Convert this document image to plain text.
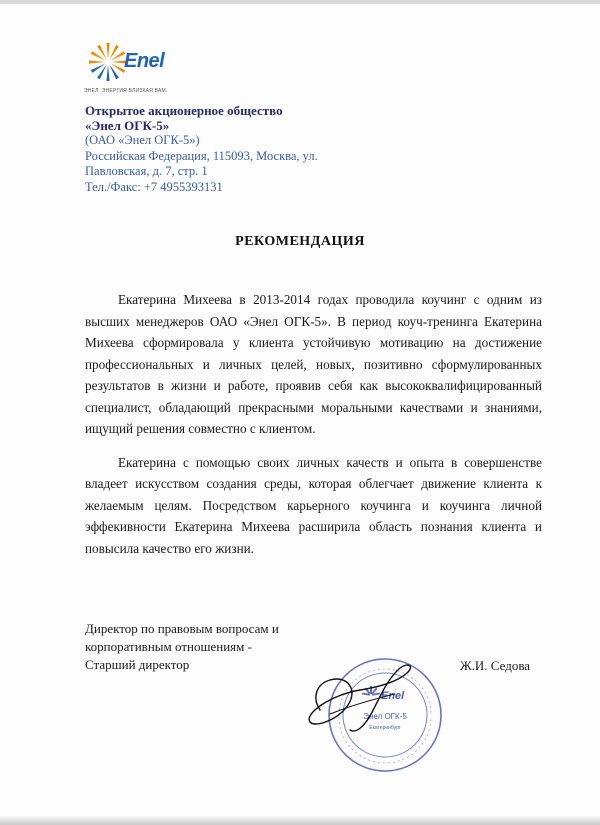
Enel
ЭНЕЛ. ЭНЕРГИЯ БЛИЗКАЯ ВАМ.
Открытое акционерное общество
«Энел ОГК-5»
(ОАО «Энел ОГК-5»)
Российская Федерация, 115093, Москва, ул.
Павловская, д. 7, стр. 1
Тел./Факс: +7 4955393131
РЕКОМЕНДАЦИЯ

Екатерина Михеева в 2013-2014 годах проводила коучинг с одним из высших менеджеров ОАО «Энел ОГК-5». В период коуч-тренинга Екатерина Михеева сформировала у клиента устойчивую мотивацию на достижение профессиональных и личных целей, новых, позитивно сформулированных результатов в жизни и работе, проявив себя как высококвалифицированный специалист, обладающий прекрасными моральными качествами и знаниями, ищущий решения совместно с клиентом.

Екатерина с помощью своих личных качеств и опыта в совершенстве владеет искусством создания среды, которая облегчает движение клиента к желаемым целям. Посредством карьерного коучинга и коучинга личной эффекивности Екатерина Михеева расширила область познания клиента и повысила качество его жизни.

Директор по правовым вопросам и
корпоративным отношениям -
Старший директор	Ж.И. Седова
Enel
Энел ОГК-5
Екатеринбург
